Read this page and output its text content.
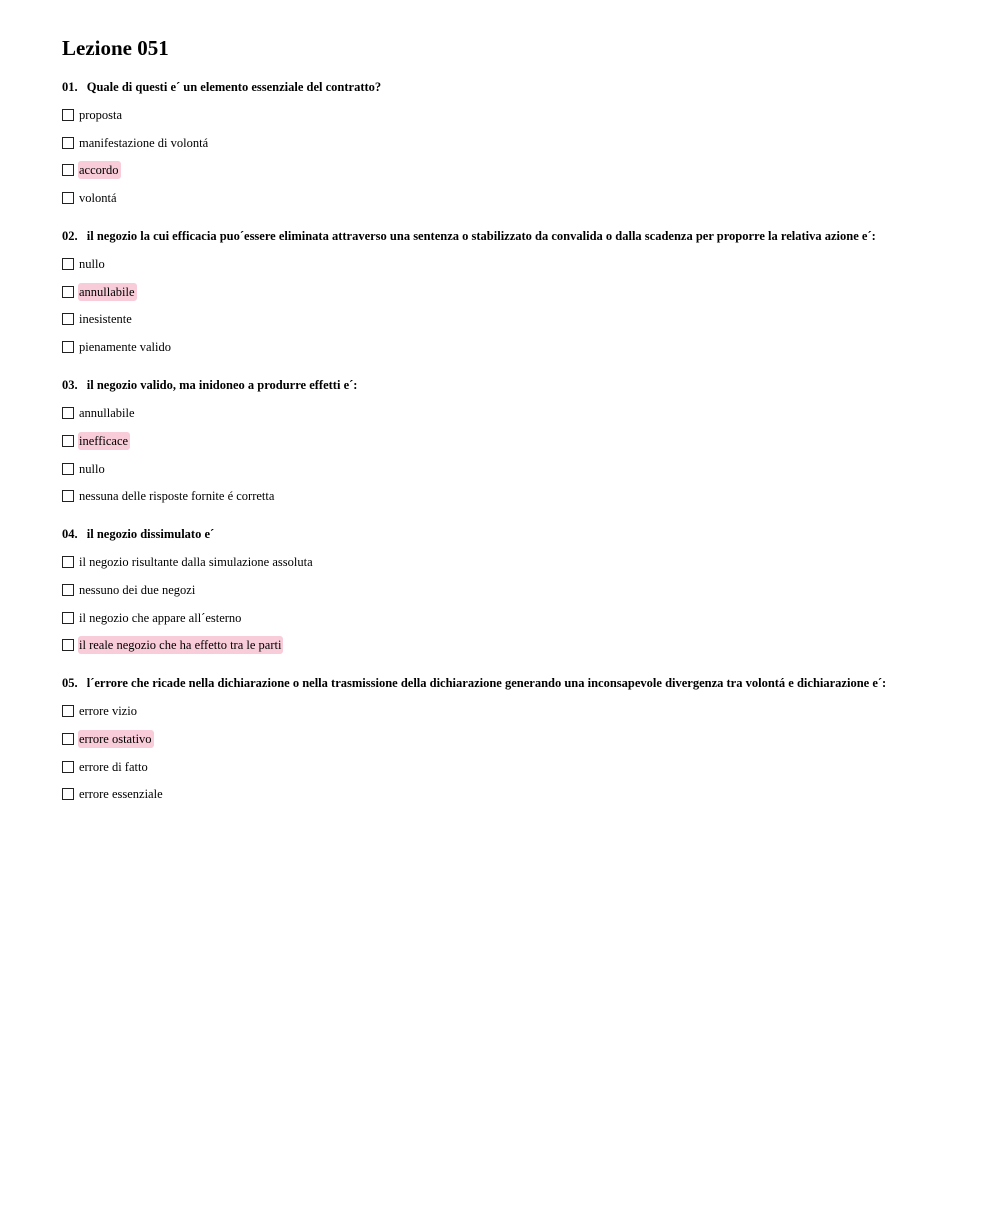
Lezione 051
01. Quale di questi e´ un elemento essenziale del contratto?
proposta
manifestazione di volontá
accordo
volontá
02. il negozio la cui efficacia puo´essere eliminata attraverso una sentenza o stabilizzato da convalida o dalla scadenza per proporre la relativa azione e´:
nullo
annullabile
inesistente
pienamente valido
03. il negozio valido, ma inidoneo a produrre effetti e´:
annullabile
inefficace
nullo
nessuna delle risposte fornite é corretta
04. il negozio dissimulato e´
il negozio risultante dalla simulazione assoluta
nessuno dei due negozi
il negozio che appare all´esterno
il reale negozio che ha effetto tra le parti
05. l´errore che ricade nella dichiarazione o nella trasmissione della dichiarazione generando una inconsapevole divergenza tra volontá e dichiarazione e´:
errore vizio
errore ostativo
errore di fatto
errore essenziale
